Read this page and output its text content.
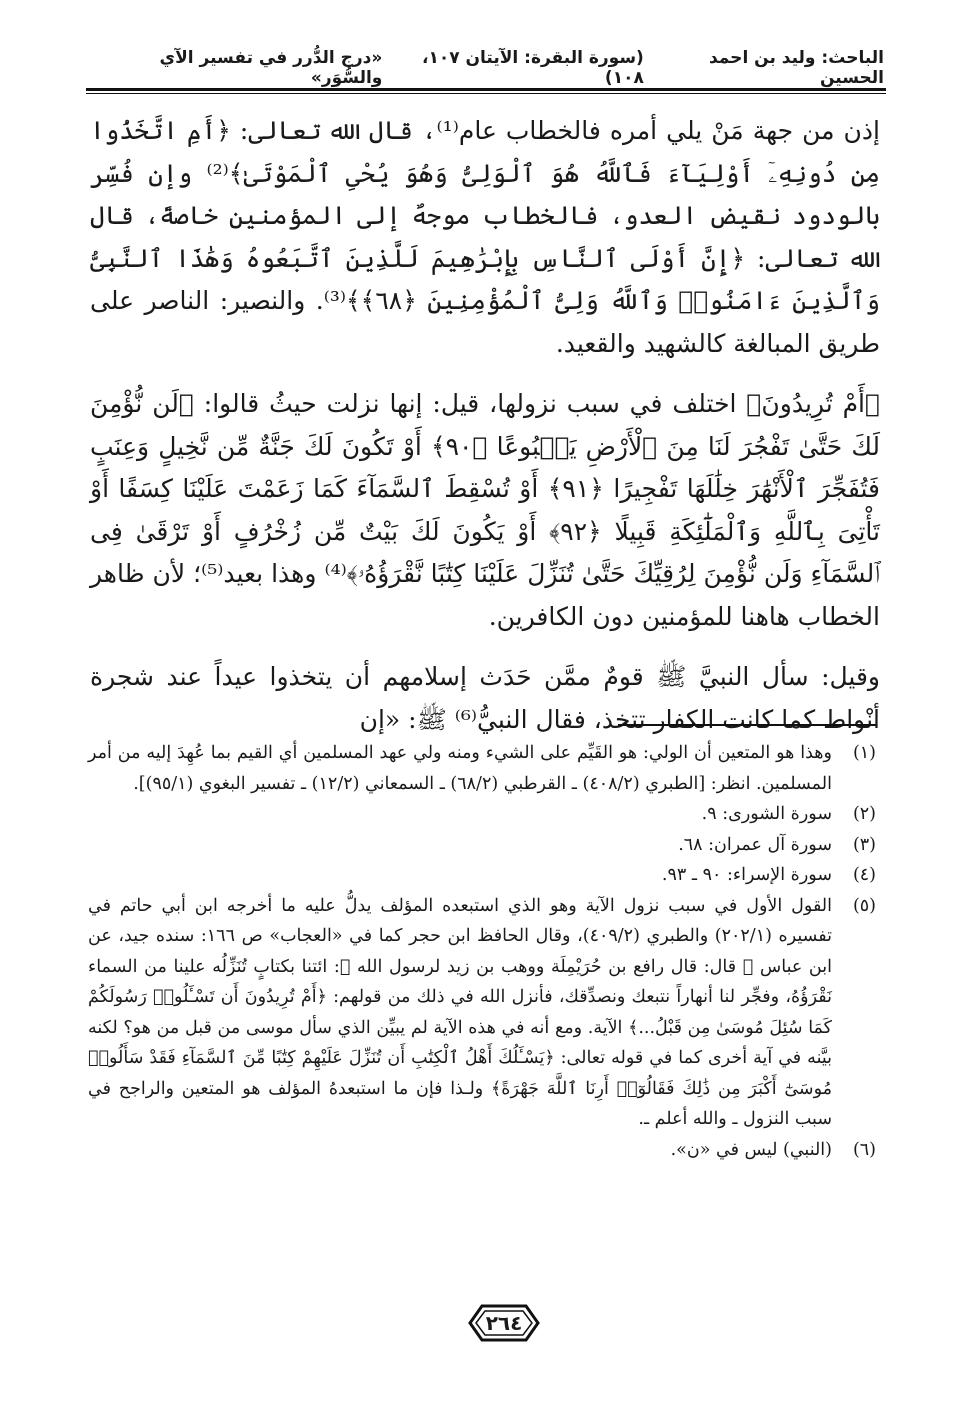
الباحث: وليد بن احمد الحسين
(سورة البقرة: الآيتان ١٠٧، ١٠٨)
«درج الدُّرر في تفسير الآي والسُّوَر»

إذن من جهة مَنْ يلي أمره فالخطاب عام⁽¹⁾، قال الله تعالى: ﴿أَمِ اتَّخَذُوا مِن دُونِهِۦٓ أَوْلِيَآءَ فَٱللَّهُ هُوَ ٱلْوَلِىُّ وَهُوَ يُحْىِ ٱلْمَوْتَىٰ﴾⁽²⁾ وإن فُسِّر بالودود نقيض العدو، فالخطاب موجهٌ إلى المؤمنين خاصةً، قال الله تعالى: ﴿إِنَّ أَوْلَى ٱلنَّاسِ بِإِبْرَٰهِيمَ لَلَّذِينَ ٱتَّبَعُوهُ وَهَٰذَا ٱلنَّبِىُّ وَٱلَّذِينَ ءَامَنُوا۟ وَٱللَّهُ وَلِىُّ ٱلْمُؤْمِنِينَ ﴿٦٨﴾﴾⁽³⁾. والنصير: الناصر على طريق المبالغة كالشهيد والقعيد.

﴿أَمْ تُرِيدُونَ﴾ اختلف في سبب نزولها، قيل: إنها نزلت حيثُ قالوا: ﴿لَن نُّؤْمِنَ لَكَ حَتَّىٰ تَفْجُرَ لَنَا مِنَ ٱلْأَرْضِ يَنۢبُوعًا ﴿٩٠﴾ أَوْ تَكُونَ لَكَ جَنَّةٌ مِّن نَّخِيلٍ وَعِنَبٍ فَتُفَجِّرَ ٱلْأَنْهَٰرَ خِلَٰلَهَا تَفْجِيرًا ﴿٩١﴾ أَوْ تُسْقِطَ ٱلسَّمَآءَ كَمَا زَعَمْتَ عَلَيْنَا كِسَفًا أَوْ تَأْتِىَ بِٱللَّهِ وَٱلْمَلَٰٓئِكَةِ قَبِيلًا ﴿٩٢﴾ أَوْ يَكُونَ لَكَ بَيْتٌ مِّن زُخْرُفٍ أَوْ تَرْقَىٰ فِى ٱلسَّمَآءِ وَلَن نُّؤْمِنَ لِرُقِيِّكَ حَتَّىٰ تُنَزِّلَ عَلَيْنَا كِتَٰبًا نَّقْرَؤُهُۥ﴾⁽⁴⁾ وهذا بعيد⁽⁵⁾؛ لأن ظاهر الخطاب هاهنا للمؤمنين دون الكافرين.

وقيل: سأل النبيَّ ﷺ قومٌ ممَّن حَدَث إسلامهم أن يتخذوا عيداً عند شجرة أنْواط كما كانت الكفار تتخذ، فقال النبيُّ⁽⁶⁾ ﷺ: «إن

(١)
وهذا هو المتعين أن الولي: هو القَيِّم على الشيء ومنه ولي عهد المسلمين أي القيم بما عُهِدَ إليه من أمر المسلمين. انظر: [الطبري (٤٠٨/٢) ـ القرطبي (٦٨/٢) ـ السمعاني (١٢/٢) ـ تفسير البغوي (٩٥/١)].
(٢)
سورة الشورى: ٩.
(٣)
سورة آل عمران: ٦٨.
(٤)
سورة الإسراء: ٩٠ ـ ٩٣.
(٥)
القول الأول في سبب نزول الآية وهو الذي استبعده المؤلف يدلُّ عليه ما أخرجه ابن أبي حاتم في تفسيره (٢٠٢/١) والطبري (٤٠٩/٢)، وقال الحافظ ابن حجر كما في «العجاب» ص ١٦٦: سنده جيد، عن ابن عباس ﷺ قال: قال رافع بن حُرَيْمِلَة ووهب بن زيد لرسول الله ﷺ: ائتنا بكتابٍ تُنَزِّلُه علينا من السماء نَقْرَؤُهُ، وفجِّر لنا أنهاراً نتبعك ونصدِّقك، فأنزل الله في ذلك من قولهم: ﴿أَمْ تُرِيدُونَ أَن تَسْـَٔلُوا۟ رَسُولَكُمْ كَمَا سُئِلَ مُوسَىٰ مِن قَبْلُ...﴾ الآية. ومع أنه في هذه الآية لم يبيِّن الذي سأل موسى من قبل من هو؟ لكنه بيَّنه في آية أخرى كما في قوله تعالى: ﴿يَسْـَٔلُكَ أَهْلُ ٱلْكِتَٰبِ أَن تُنَزِّلَ عَلَيْهِمْ كِتَٰبًا مِّنَ ٱلسَّمَآءِ فَقَدْ سَأَلُوا۟ مُوسَىٰٓ أَكْبَرَ مِن ذَٰلِكَ فَقَالُوٓا۟ أَرِنَا ٱللَّهَ جَهْرَةً﴾ ولـذا فإن ما استبعدهُ المؤلف هو المتعين والراجح في سبب النزول ـ والله أعلم ـ.
(٦)
(النبي) ليس في «ن».
٢٦٤
